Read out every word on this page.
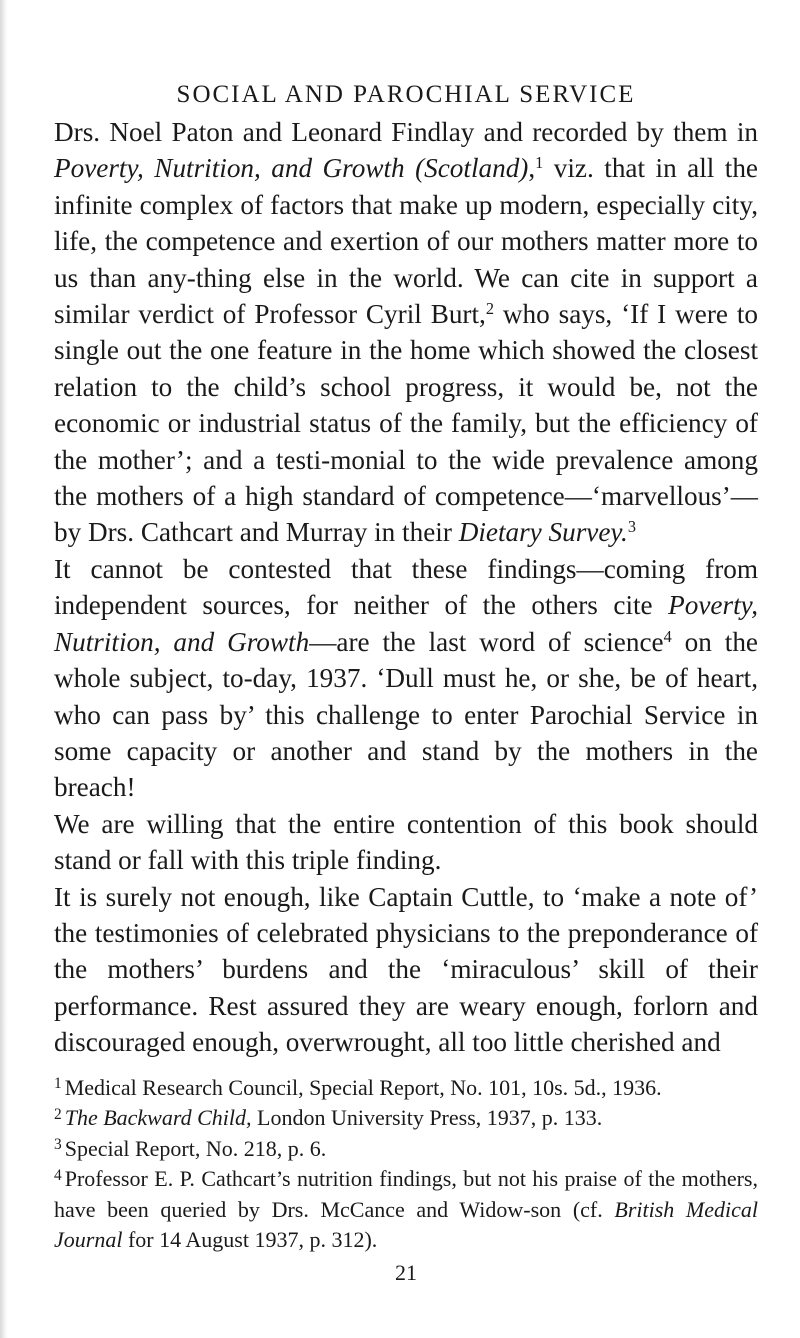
SOCIAL AND PAROCHIAL SERVICE

Drs. Noel Paton and Leonard Findlay and recorded by them in Poverty, Nutrition, and Growth (Scotland),$^1$ viz. that in all the infinite complex of factors that make up modern, especially city, life, the competence and exertion of our mothers matter more to us than any-thing else in the world. We can cite in support a similar verdict of Professor Cyril Burt,$^2$ who says, ‘If I were to single out the one feature in the home which showed the closest relation to the child’s school progress, it would be, not the economic or industrial status of the family, but the efficiency of the mother’; and a testi-monial to the wide prevalence among the mothers of a high standard of competence—‘marvellous’—by Drs. Cathcart and Murray in their Dietary Survey.$^3$

It cannot be contested that these findings—coming from independent sources, for neither of the others cite Poverty, Nutrition, and Growth—are the last word of science$^4$ on the whole subject, to-day, 1937. ‘Dull must he, or she, be of heart, who can pass by’ this challenge to enter Parochial Service in some capacity or another and stand by the mothers in the breach!

We are willing that the entire contention of this book should stand or fall with this triple finding.

It is surely not enough, like Captain Cuttle, to ‘make a note of’ the testimonies of celebrated physicians to the preponderance of the mothers’ burdens and the ‘miraculous’ skill of their performance. Rest assured they are weary enough, forlorn and discouraged enough, overwrought, all too little cherished and

$^1$ Medical Research Council, Special Report, No. 101, 10s. 5d., 1936.

$^2$ The Backward Child, London University Press, 1937, p. 133.

$^3$ Special Report, No. 218, p. 6.

$^4$ Professor E. P. Cathcart’s nutrition findings, but not his praise of the mothers, have been queried by Drs. McCance and Widow-son (cf. British Medical Journal for 14 August 1937, p. 312).

21
